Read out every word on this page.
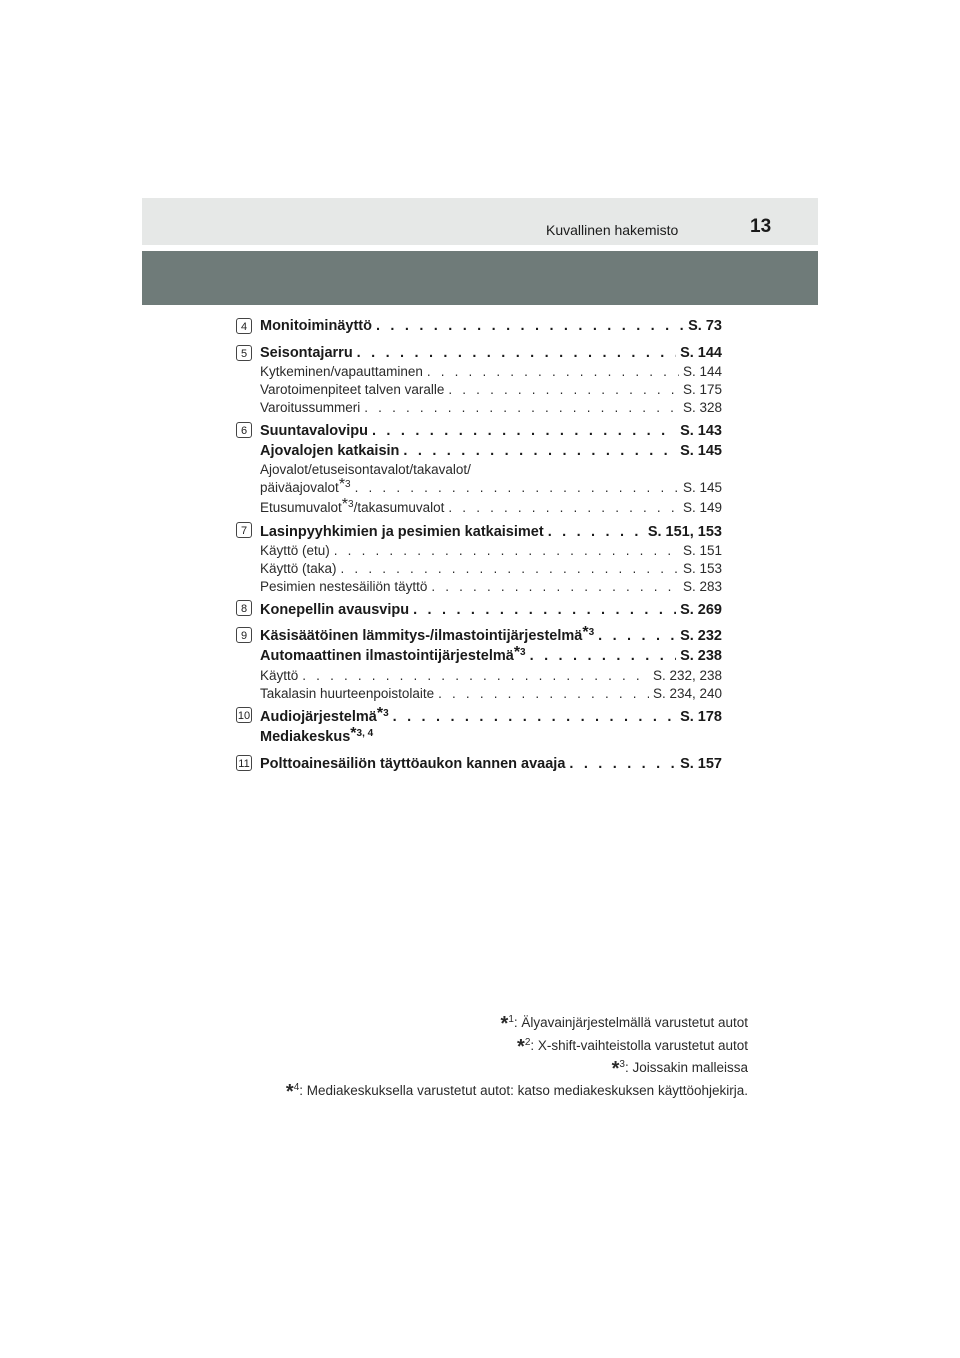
Kuvallinen hakemisto	13
4 Monitoiminäyttö . . .	S. 73
5 Seisontajarru . . .	S. 144
Kytkeminen/vapauttaminen . . .	S. 144
Varotoimenpiteet talven varalle . . .	S. 175
Varoitussummeri . . .	S. 328
6 Suuntavalovipu . . .	S. 143
Ajovalojen katkaisin . . .	S. 145
Ajovalot/etuseisontavalot/takavalot/
päiväajovalot$^{*3}$ . . .	S. 145
Etusumuvalot$^{*3}$/takasumuvalot . . .	S. 149
7 Lasinpyyhkimien ja pesimien katkaisimet . . .	S. 151, 153
Käyttö (etu) . . .	S. 151
Käyttö (taka) . . .	S. 153
Pesimien nestesäiliön täyttö . . .	S. 283
8 Konepellin avausvipu . . .	S. 269
9 Käsisäätöinen lämmitys-/ilmastointijärjestelmä$^{*3}$ . . .	S. 232
Automaattinen ilmastointijärjestelmä$^{*3}$ . . .	S. 238
Käyttö . . .	S. 232, 238
Takalasin huurteenpoistolaite . . .	S. 234, 240
10 Audiojärjestelmä$^{*3}$ . . .	S. 178
Mediakeskus$^{*3, 4}$
11 Polttoainesäiliön täyttöaukon kannen avaaja . . .	S. 157
*$^1$: Älyavainjärjestelmällä varustetut autot
*$^2$: X-shift-vaihteistolla varustetut autot
*$^3$: Joissakin malleissa
*$^4$: Mediakeskuksella varustetut autot: katso mediakeskuksen käyttöohjekirja.
